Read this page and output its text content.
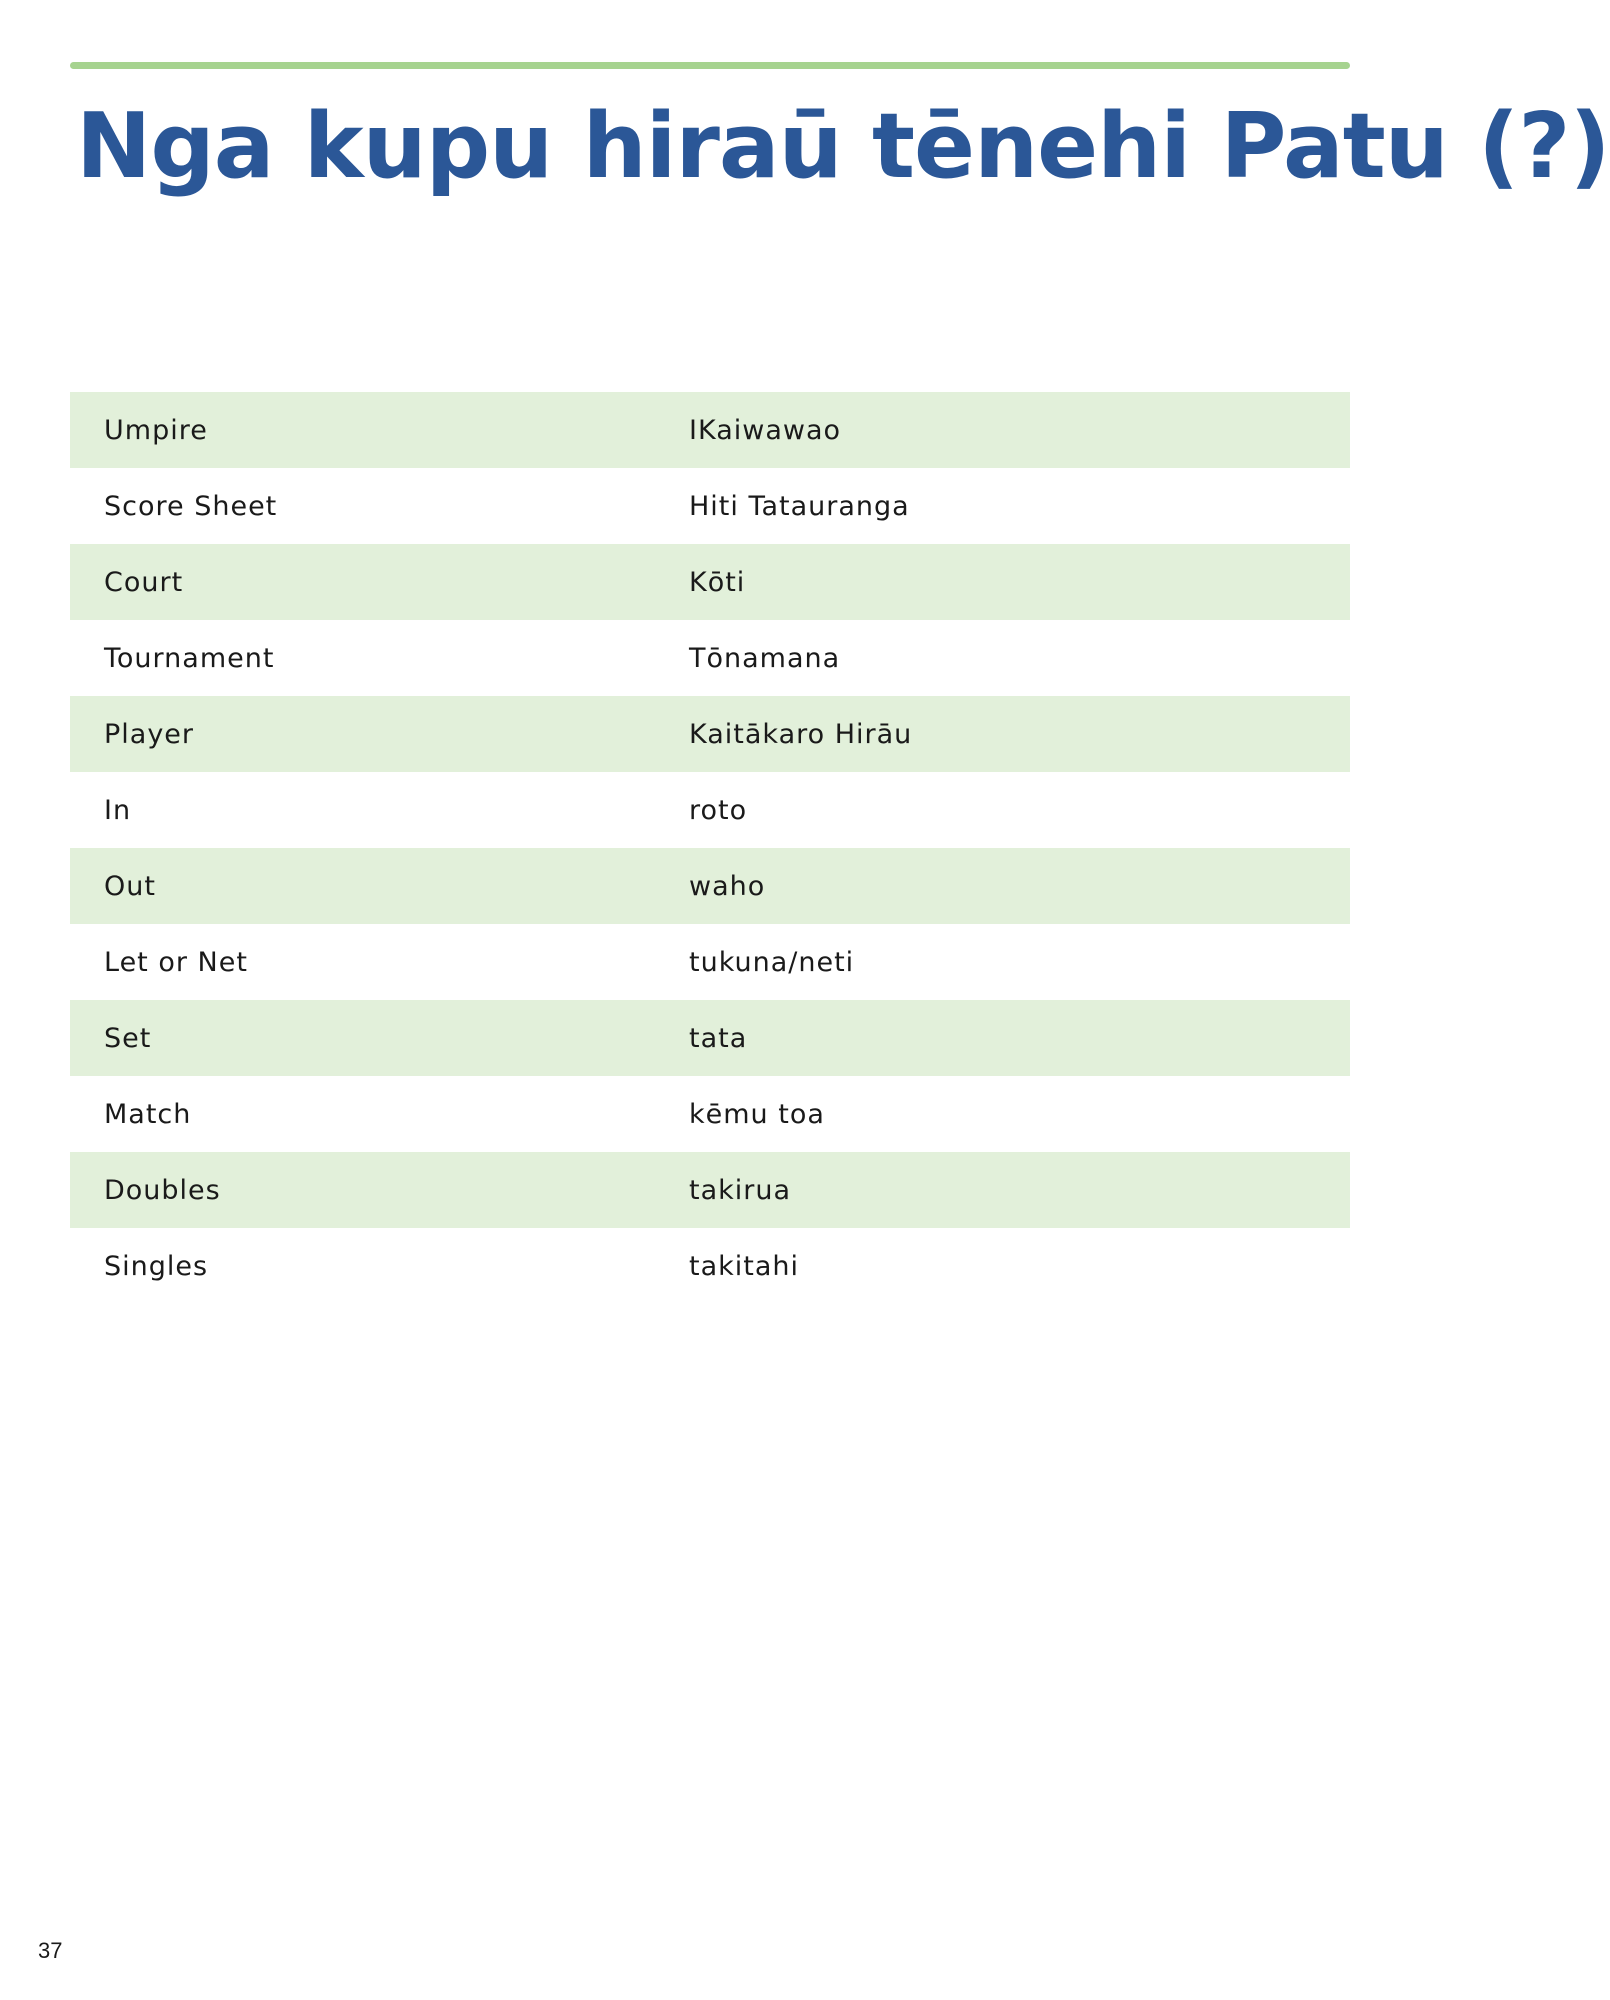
Nga kupu hiraū tēnehi Patu (?)
Umpire	IKaiwawao
Score Sheet	Hiti Tatauranga
Court	Kōti
Tournament	Tōnamana
Player	Kaitākaro Hirāu
In	roto
Out	waho
Let or Net	tukuna/neti
Set	tata
Match	kēmu toa
Doubles	takirua
Singles	takitahi
37
